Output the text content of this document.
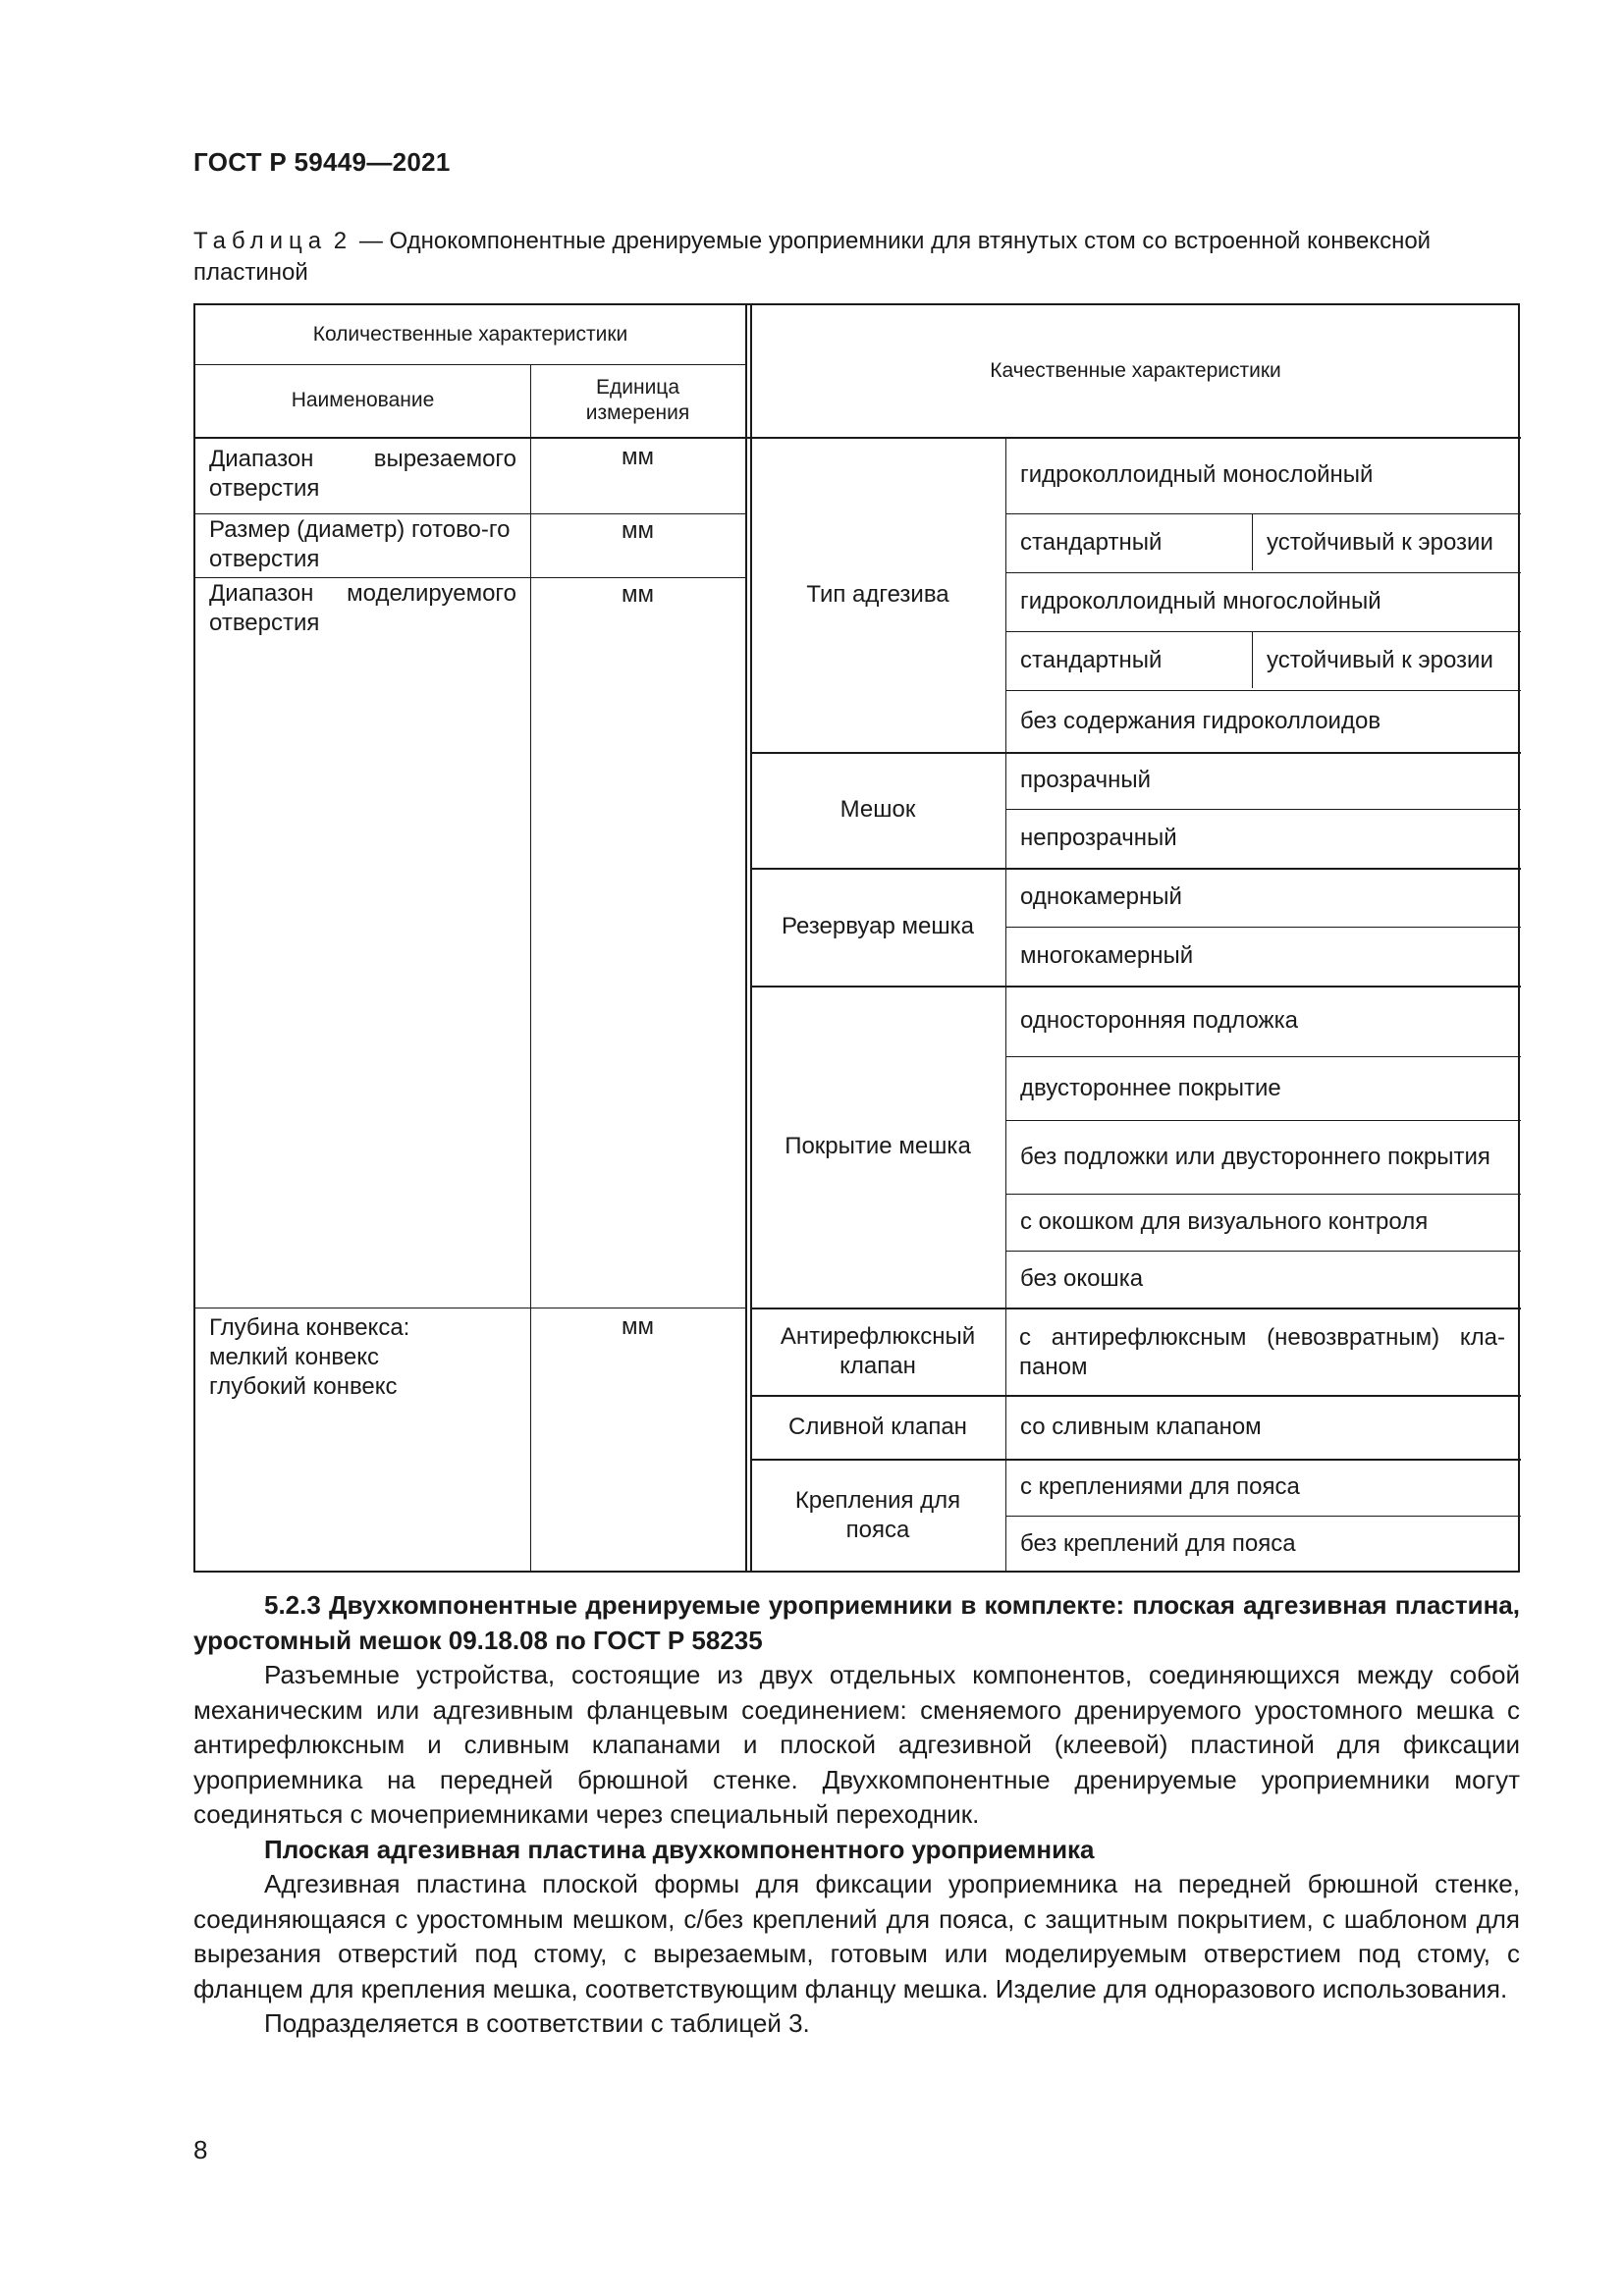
ГОСТ Р 59449—2021
Таблица 2 — Однокомпонентные дренируемые уроприемники для втянутых стом со встроенной конвексной пластиной
Количественные характеристики
Наименование
Единица измерения
Качественные характеристики
Диапазон вырезаемого отверстия
мм
Размер (диаметр) готово-го отверстия
мм
Диапазон моделируемого отверстия
мм
Глубина конвекса:
мелкий конвекс
глубокий конвекс
мм
Тип адгезива
Мешок
Резервуар мешка
Покрытие мешка
Антирефлюксный клапан
Сливной клапан
Крепления для пояса
гидроколлоидный монослойный
стандартный	устойчивый к эрозии
гидроколлоидный многослойный
стандартный	устойчивый к эрозии
без содержания гидроколлоидов
прозрачный
непрозрачный
однокамерный
многокамерный
односторонняя подложка
двустороннее покрытие
без подложки или двустороннего покрытия
с окошком для визуального контроля
без окошка
с антирефлюксным (невозвратным) кла-паном
со сливным клапаном
с креплениями для пояса
без креплений для пояса

5.2.3 Двухкомпонентные дренируемые уроприемники в комплекте: плоская адгезивная пластина, уростомный мешок 09.18.08 по ГОСТ Р 58235

Разъемные устройства, состоящие из двух отдельных компонентов, соединяющихся между собой механическим или адгезивным фланцевым соединением: сменяемого дренируемого уростомного мешка с антирефлюксным и сливным клапанами и плоской адгезивной (клеевой) пластиной для фиксации уроприемника на передней брюшной стенке. Двухкомпонентные дренируемые уроприемники могут соединяться с мочеприемниками через специальный переходник.

Плоская адгезивная пластина двухкомпонентного уроприемника

Адгезивная пластина плоской формы для фиксации уроприемника на передней брюшной стенке, соединяющаяся с уростомным мешком, с/без креплений для пояса, с защитным покрытием, с шаблоном для вырезания отверстий под стому, с вырезаемым, готовым или моделируемым отверстием под стому, с фланцем для крепления мешка, соответствующим фланцу мешка. Изделие для одноразового использования.

Подразделяется в соответствии с таблицей 3.

8
